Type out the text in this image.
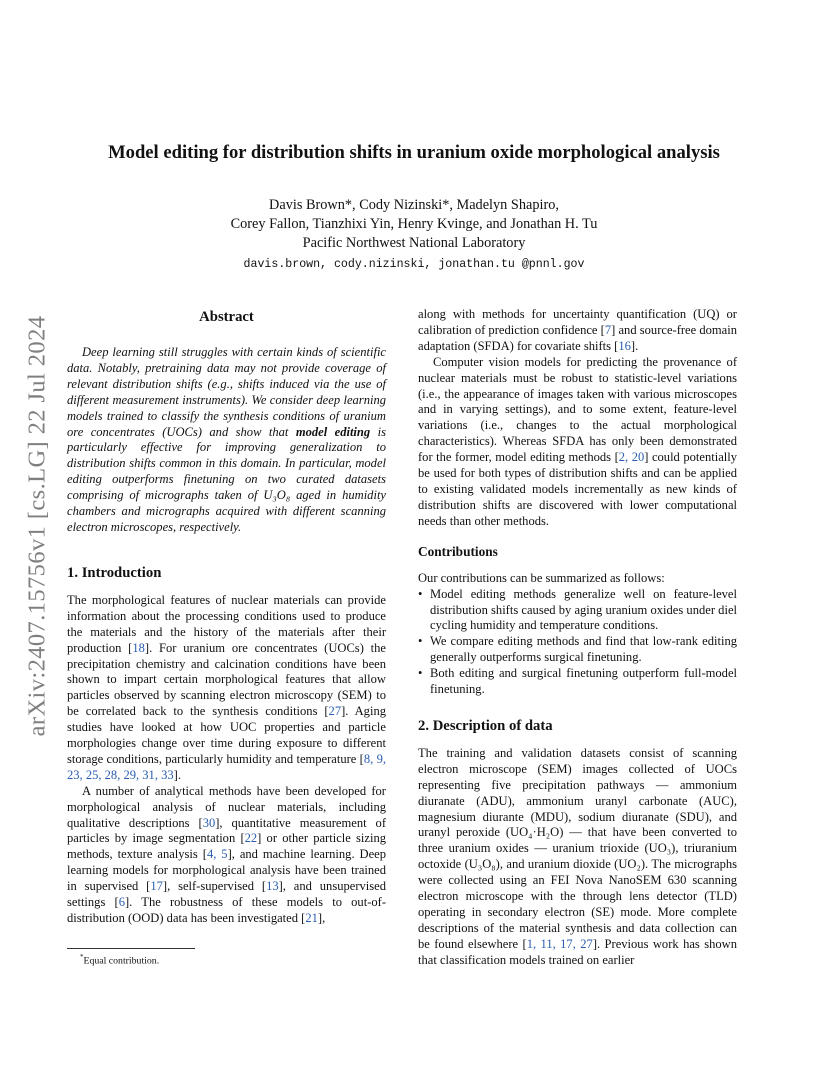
arXiv:2407.15756v1 [cs.LG] 22 Jul 2024
Model editing for distribution shifts in uranium oxide morphological analysis
Davis Brown*, Cody Nizinski*, Madelyn Shapiro,
Corey Fallon, Tianzhixi Yin, Henry Kvinge, and Jonathan H. Tu
Pacific Northwest National Laboratory
davis.brown, cody.nizinski, jonathan.tu @pnnl.gov
Abstract

Deep learning still struggles with certain kinds of scientific data. Notably, pretraining data may not provide coverage of relevant distribution shifts (e.g., shifts induced via the use of different measurement instruments). We consider deep learning models trained to classify the synthesis conditions of uranium ore concentrates (UOCs) and show that model editing is particularly effective for improving generalization to distribution shifts common in this domain. In particular, model editing outperforms finetuning on two curated datasets comprising of micrographs taken of U₃O₈ aged in humidity chambers and micrographs acquired with different scanning electron microscopes, respectively.

1. Introduction

The morphological features of nuclear materials can provide information about the processing conditions used to produce the materials and the history of the materials after their production [18]. For uranium ore concentrates (UOCs) the precipitation chemistry and calcination conditions have been shown to impart certain morphological features that allow particles observed by scanning electron microscopy (SEM) to be correlated back to the synthesis conditions [27]. Aging studies have looked at how UOC properties and particle morphologies change over time during exposure to different storage conditions, particularly humidity and temperature [8, 9, 23, 25, 28, 29, 31, 33].

A number of analytical methods have been developed for morphological analysis of nuclear materials, including qualitative descriptions [30], quantitative measurement of particles by image segmentation [22] or other particle sizing methods, texture analysis [4, 5], and machine learning. Deep learning models for morphological analysis have been trained in supervised [17], self-supervised [13], and unsupervised settings [6]. The robustness of these models to out-of-distribution (OOD) data has been investigated [21],

along with methods for uncertainty quantification (UQ) or calibration of prediction confidence [7] and source-free domain adaptation (SFDA) for covariate shifts [16].

Computer vision models for predicting the provenance of nuclear materials must be robust to statistic-level variations (i.e., the appearance of images taken with various microscopes and in varying settings), and to some extent, feature-level variations (i.e., changes to the actual morphological characteristics). Whereas SFDA has only been demonstrated for the former, model editing methods [2, 20] could potentially be used for both types of distribution shifts and can be applied to existing validated models incrementally as new kinds of distribution shifts are discovered with lower computational needs than other methods.

Contributions

Our contributions can be summarized as follows:

• Model editing methods generalize well on feature-level distribution shifts caused by aging uranium oxides under diel cycling humidity and temperature conditions.
• We compare editing methods and find that low-rank editing generally outperforms surgical finetuning.
• Both editing and surgical finetuning outperform full-model finetuning.
2. Description of data

The training and validation datasets consist of scanning electron microscope (SEM) images collected of UOCs representing five precipitation pathways — ammonium diuranate (ADU), ammonium uranyl carbonate (AUC), magnesium diurante (MDU), sodium diuranate (SDU), and uranyl peroxide (UO₄·H₂O) — that have been converted to three uranium oxides — uranium trioxide (UO₃), triuranium octoxide (U₃O₈), and uranium dioxide (UO₂). The micrographs were collected using an FEI Nova NanoSEM 630 scanning electron microscope with the through lens detector (TLD) operating in secondary electron (SE) mode. More complete descriptions of the material synthesis and data collection can be found elsewhere [1, 11, 17, 27]. Previous work has shown that classification models trained on earlier

*Equal contribution.
